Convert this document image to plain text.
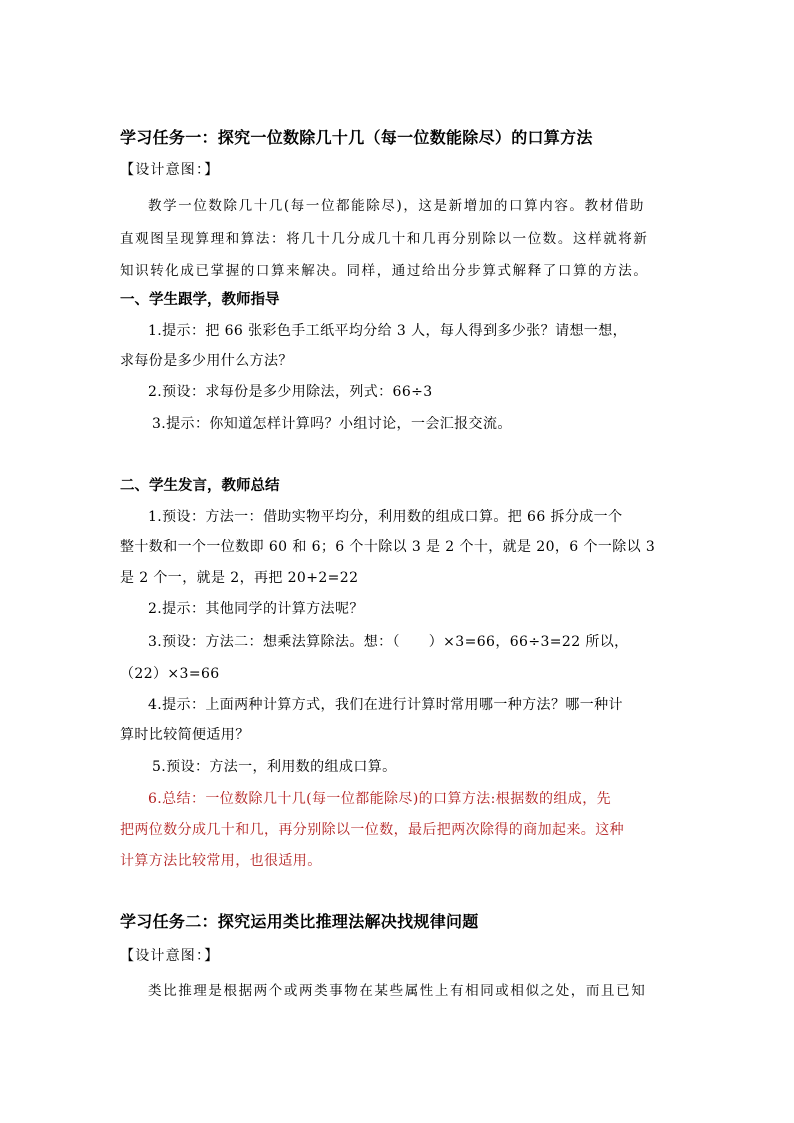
学习任务一：探究一位数除几十几（每一位数能除尽）的口算方法
【设计意图：】
教学一位数除几十几(每一位都能除尽)，这是新增加的口算内容。教材借助
直观图呈现算理和算法：将几十几分成几十和几再分别除以一位数。这样就将新
知识转化成已掌握的口算来解决。同样，通过给出分步算式解释了口算的方法。
一、学生跟学，教师指导
1.提示：把 66 张彩色手工纸平均分给 3 人，每人得到多少张？请想一想，
求每份是多少用什么方法？
2.预设：求每份是多少用除法，列式：66÷3
3.提示：你知道怎样计算吗？小组讨论，一会汇报交流。
二、学生发言，教师总结
1.预设：方法一：借助实物平均分，利用数的组成口算。把 66 拆分成一个
整十数和一个一位数即 60 和 6；6 个十除以 3 是 2 个十，就是 20，6 个一除以 3
是 2 个一，就是 2，再把 20+2=22
2.提示：其他同学的计算方法呢？
3.预设：方法二：想乘法算除法。想：（　　）×3=66，66÷3=22 所以，
（22）×3=66
4.提示：上面两种计算方式，我们在进行计算时常用哪一种方法？哪一种计
算时比较简便适用？
5.预设：方法一，利用数的组成口算。
6.总结：一位数除几十几(每一位都能除尽)的口算方法:根据数的组成，先
把两位数分成几十和几，再分别除以一位数，最后把两次除得的商加起来。这种
计算方法比较常用，也很适用。
学习任务二：探究运用类比推理法解决找规律问题
【设计意图：】
类比推理是根据两个或两类事物在某些属性上有相同或相似之处，而且已知
